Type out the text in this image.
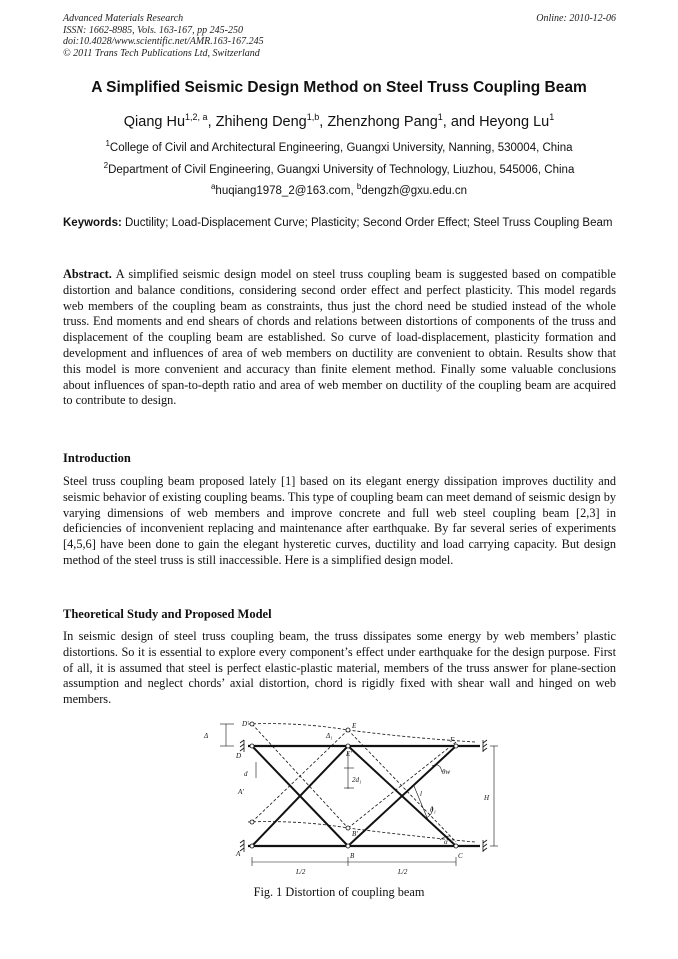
Advanced Materials Research
ISSN: 1662-8985, Vols. 163-167, pp 245-250
doi:10.4028/www.scientific.net/AMR.163-167.245
© 2011 Trans Tech Publications Ltd, Switzerland
Online: 2010-12-06
A Simplified Seismic Design Method on Steel Truss Coupling Beam
Qiang Hu$^{1,2, a}$, Zhiheng Deng$^{1,b}$, Zhenzhong Pang$^1$, and Heyong Lu$^1$
$^1$College of Civil and Architectural Engineering, Guangxi University, Nanning, 530004, China
$^2$Department of Civil Engineering, Guangxi University of Technology, Liuzhou, 545006, China
$^a$huqiang1978_2@163.com, $^b$dengzh@gxu.edu.cn
Keywords: Ductility; Load-Displacement Curve; Plasticity; Second Order Effect; Steel Truss Coupling Beam
Abstract. A simplified seismic design model on steel truss coupling beam is suggested based on compatible distortion and balance conditions, considering second order effect and perfect plasticity. This model regards web members of the coupling beam as constraints, thus just the chord need be studied instead of the whole truss. End moments and end shears of chords and relations between distortions of components of the truss and displacement of the coupling beam are established. So curve of load-displacement, plasticity formation and development and influences of area of web members on ductility are convenient to obtain. Results show that this model is more convenient and accuracy than finite element method. Finally some valuable conclusions about influences of span-to-depth ratio and area of web member on ductility of the coupling beam are acquired to contribute to design.
Introduction
Steel truss coupling beam proposed lately [1] based on its elegant energy dissipation improves ductility and seismic behavior of existing coupling beams. This type of coupling beam can meet demand of seismic design by varying dimensions of web members and improve concrete and full web steel coupling beam [2,3] in deficiencies of inconvenient replacing and maintenance after earthquake. By far several series of experiments [4,5,6] have been done to gain the elegant hysteretic curves, ductility and load carrying capacity. But design method of the steel truss is still inaccessible. Here is a simplified design model.
Theoretical Study and Proposed Model
In seismic design of steel truss coupling beam, the truss dissipates some energy by web members’ plastic distortions. So it is essential to explore every component’s effect under earthquake for the design purpose. First of all, it is assumed that steel is perfect elastic-plastic material, members of the truss answer for plane-section assumption and neglect chords’ axial distortion, chord is rigidly fixed with shear wall and hinged on web members.
D'
D
E
E'
F
A'
A
B'
B	C
Δ	Δ₁
d
2d₁
θw
l
θ₁
α
H
L/2	L/2
Fig. 1 Distortion of coupling beam
